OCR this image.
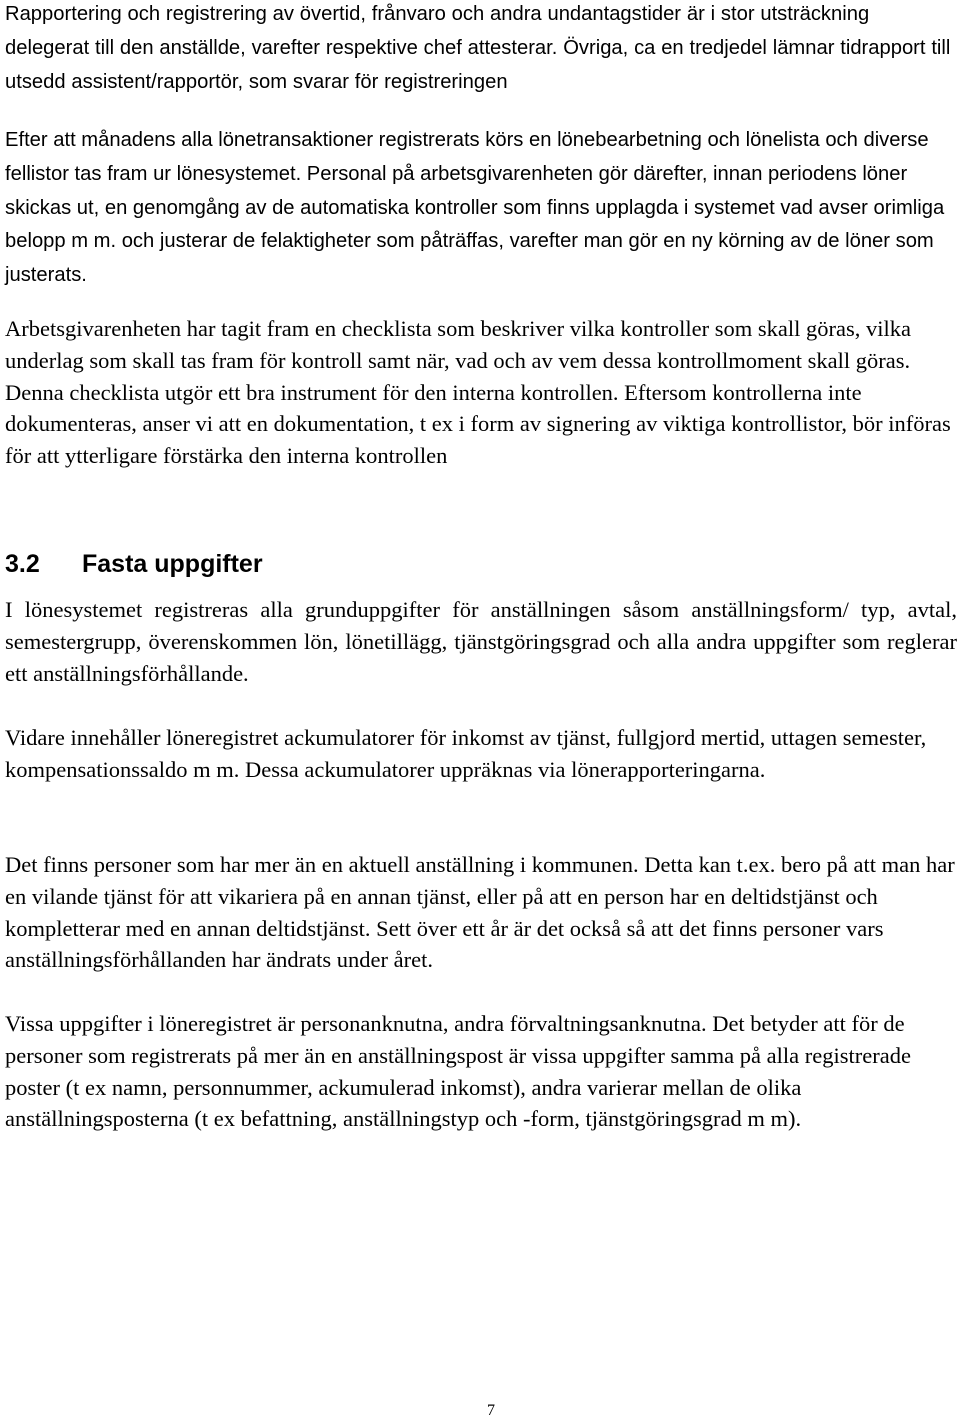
Rapportering och registrering av övertid, frånvaro och andra undantagstider är i stor utsträckning delegerat till den anställde, varefter respektive chef attesterar. Övriga, ca en tredjedel lämnar tidrapport till utsedd assistent/rapportör, som svarar för registreringen

Efter att månadens alla lönetransaktioner registrerats körs en lönebearbetning och lönelista och diverse fellistor tas fram ur lönesystemet. Personal på arbetsgivarenheten gör därefter, innan periodens löner skickas ut, en genomgång av de automatiska kontroller som finns upplagda i systemet vad avser orimliga belopp m m. och justerar de felaktigheter som påträffas, varefter man gör en ny körning av de löner som justerats.

Arbetsgivarenheten har tagit fram en checklista som beskriver vilka kontroller som skall göras, vilka underlag som skall tas fram för kontroll samt när, vad och av vem dessa kontrollmoment skall göras. Denna checklista utgör ett bra instrument för den interna kontrollen. Eftersom kontrollerna inte dokumenteras, anser vi att en dokumentation, t ex i form av signering av viktiga kontrollistor, bör införas för att ytterligare förstärka den interna kontrollen

3.2	Fasta uppgifter

I lönesystemet registreras alla grunduppgifter för anställningen såsom anställningsform/ typ, avtal, semestergrupp, överenskommen lön, lönetillägg, tjänstgöringsgrad och alla andra uppgifter som reglerar ett anställningsförhållande.

Vidare innehåller löneregistret ackumulatorer för inkomst av tjänst, fullgjord mertid, uttagen semester, kompensationssaldo m m. Dessa ackumulatorer uppräknas via lönerapporteringarna.

Det finns personer som har mer än en aktuell anställning i kommunen. Detta kan t.ex. bero på att man har en vilande tjänst för att vikariera på en annan tjänst, eller på att en person har en deltidstjänst och kompletterar med en annan deltidstjänst. Sett över ett år är det också så att det finns personer vars anställningsförhållanden har ändrats under året.

Vissa uppgifter i löneregistret är personanknutna, andra förvaltningsanknutna. Det betyder att för de personer som registrerats på mer än en anställningspost är vissa uppgifter samma på alla registrerade poster (t ex namn, personnummer, ackumulerad inkomst), andra varierar mellan de olika anställningsposterna (t ex befattning, anställningstyp och -form, tjänstgöringsgrad m m).

7
